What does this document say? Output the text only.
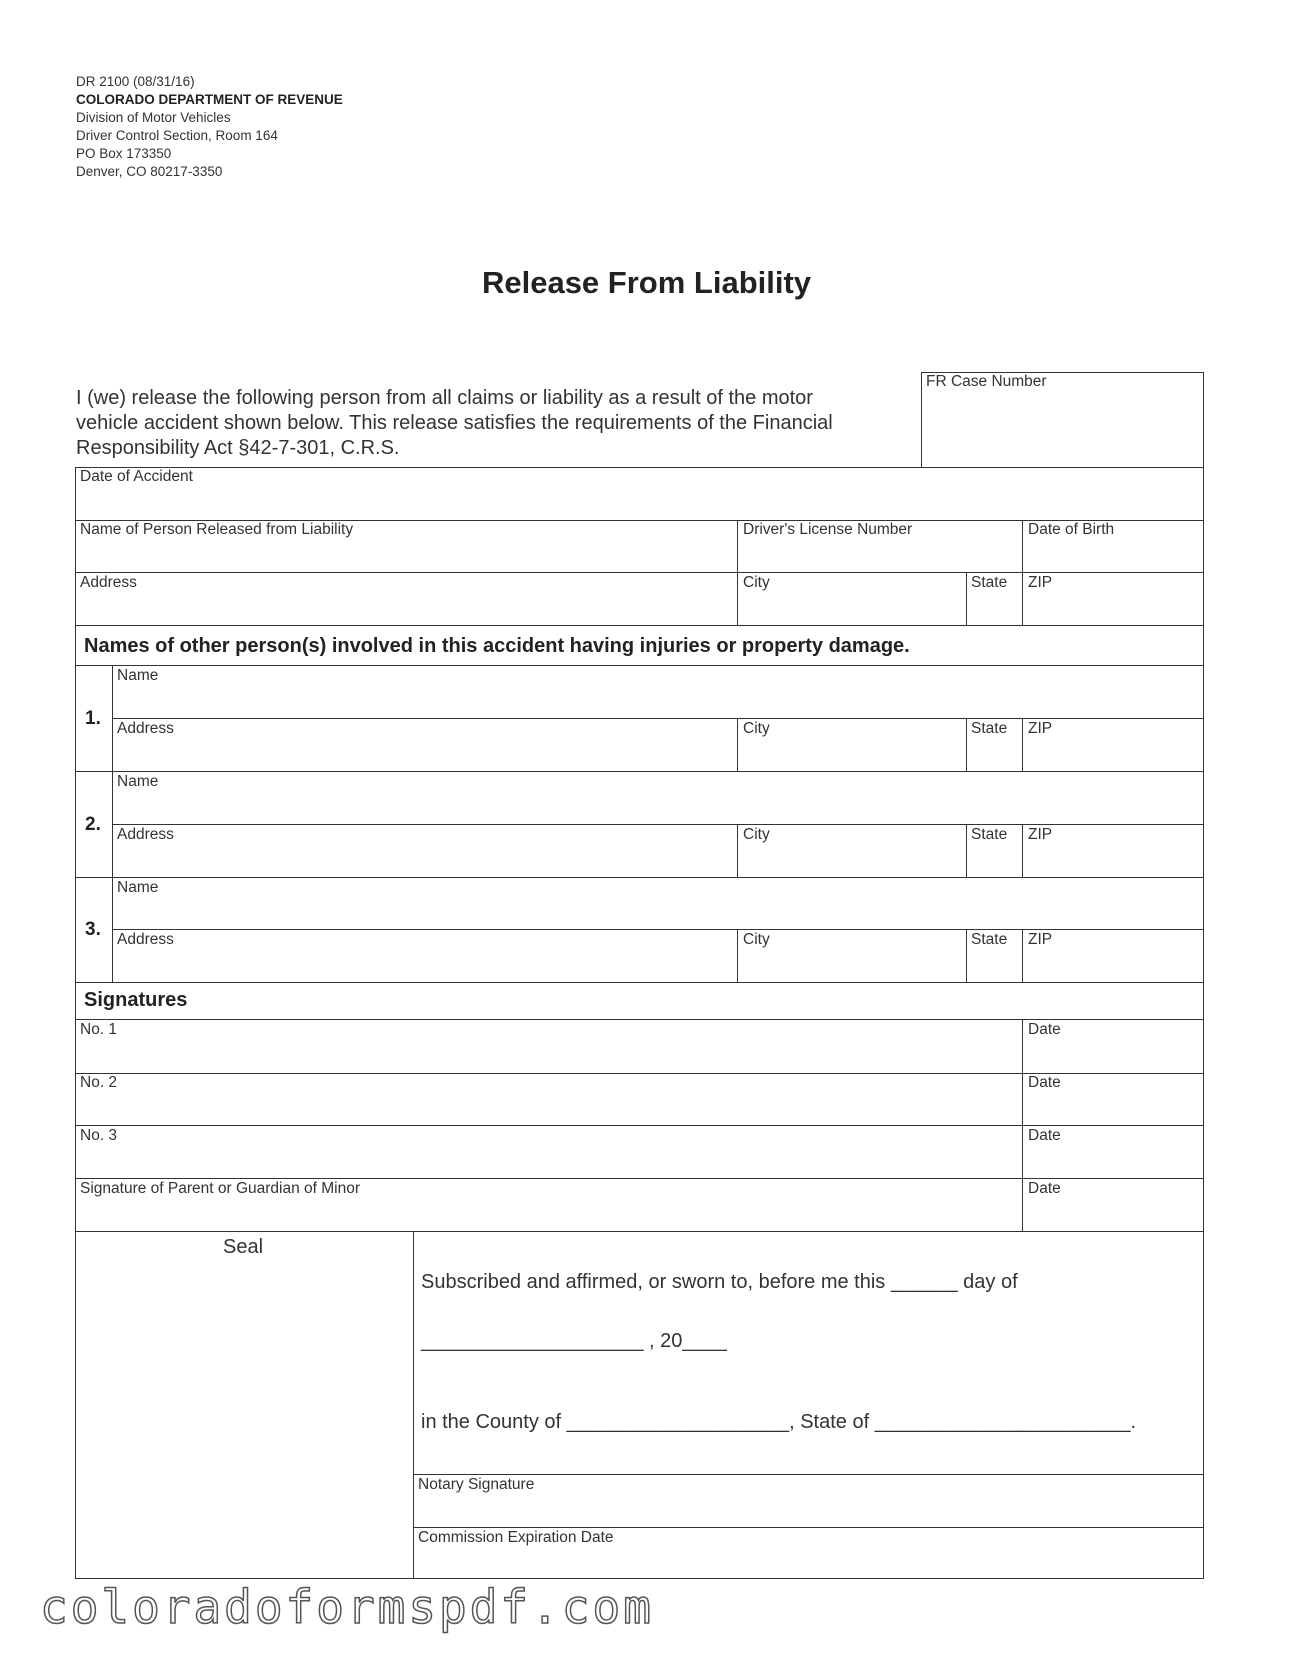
DR 2100 (08/31/16)
COLORADO DEPARTMENT OF REVENUE
Division of Motor Vehicles
Driver Control Section, Room 164
PO Box 173350
Denver, CO 80217-3350
Release From Liability
I (we) release the following person from all claims or liability as a result of the motor
vehicle accident shown below. This release satisfies the requirements of the Financial
Responsibility Act §42-7-301, C.R.S.
FR Case Number
Date of Accident
Name of Person Released from Liability	Driver's License Number	Date of Birth
Address	City	State ZIP
Names of other person(s) involved in this accident having injuries or property damage.
1.
Name
Address	City	State ZIP
2.
Name
Address	City	State ZIP
3.
Name
Address	City	State ZIP
Signatures
No. 1	Date
No. 2	Date
No. 3	Date
Signature of Parent or Guardian of Minor	Date
Seal
Subscribed and affirmed, or sworn to, before me this ______ day of
____________________ , 20____
in the County of ____________________, State of _______________________.
Notary Signature
Commission Expiration Date
coloradoformspdf.com
